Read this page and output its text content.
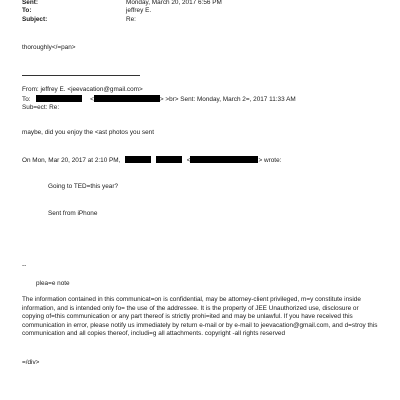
Sent:	Monday, March 20, 2017 6:56 PM
To:	jeffrey E.
Subject:	Re:
thoroughly</=pan>
From: jeffrey E. <jeevacation@gmail.com>
To:	<	> >br> Sent: Monday, March 2=, 2017 11:33 AM
Sub=ect: Re:
maybe, did you enjoy the <ast photos you sent
On Mon, Mar 20, 2017 at 2:10 PM,	<	> wrote:
Going to TED=this year?
Sent from iPhone
--
plea=e note
The information contained in this communicat=on is confidential, may be attorney-client privileged, m=y constitute inside information, and is intended only fo= the use of the addressee. It is the property of JEE Unauthorized use, disclosure or copying of=this communication or any part thereof is strictly prohi=ited and may be unlawful. If you have received this communication in error, please notify us immediately by return e-mail or by e-mail to jeevacation@gmail.com, and d=stroy this communication and all copies thereof, includi=g all attachments. copyright -all rights reserved
=/div>
